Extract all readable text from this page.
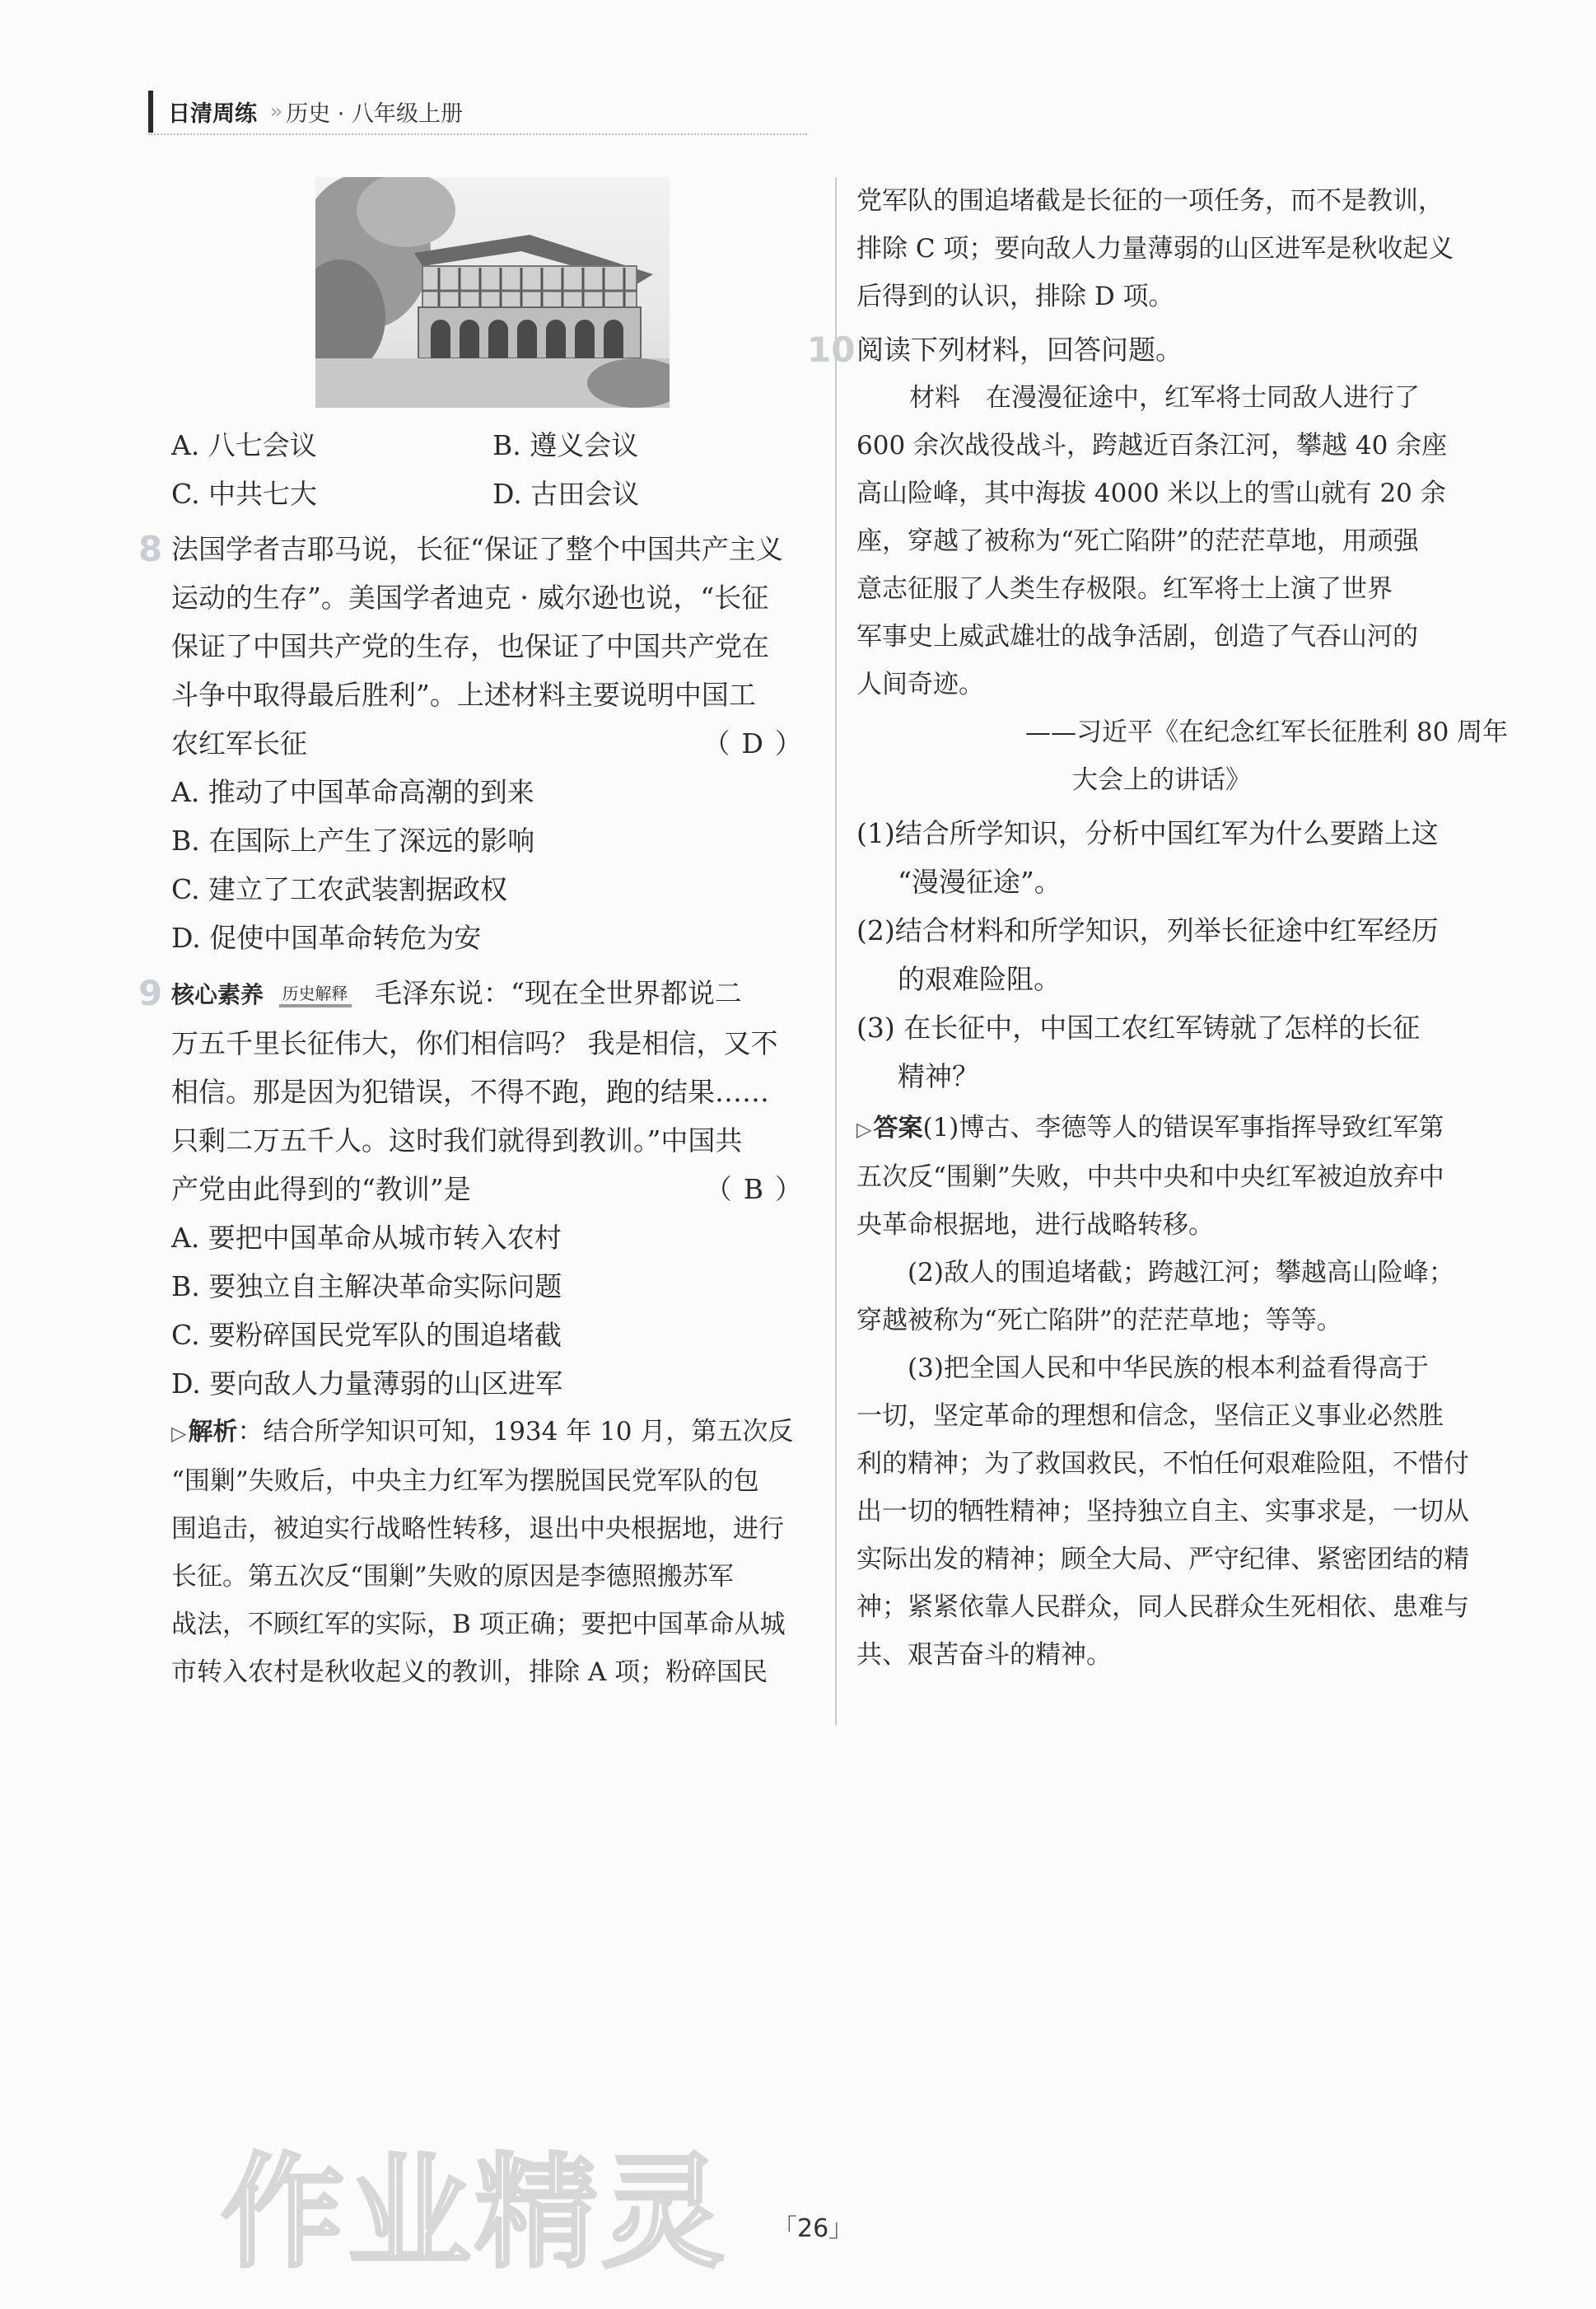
日清周练 ›› 历史 · 八年级上册
A. 八七会议	B. 遵义会议
C. 中共七大	D. 古田会议
8 法国学者吉耶马说，长征“保证了整个中国共产主义
运动的生存”。美国学者迪克 · 威尔逊也说，“长征
保证了中国共产党的生存，也保证了中国共产党在
斗争中取得最后胜利”。上述材料主要说明中国工
农红军长征	（D）
A. 推动了中国革命高潮的到来
B. 在国际上产生了深远的影响
C. 建立了工农武装割据政权
D. 促使中国革命转危为安
9 核心素养 历史解释 毛泽东说：“现在全世界都说二
万五千里长征伟大，你们相信吗？ 我是相信，又不
相信。那是因为犯错误，不得不跑，跑的结果……
只剩二万五千人。这时我们就得到教训。”中国共
产党由此得到的“教训”是	（B）
A. 要把中国革命从城市转入农村
B. 要独立自主解决革命实际问题
C. 要粉碎国民党军队的围追堵截
D. 要向敌人力量薄弱的山区进军
▷解析：结合所学知识可知，1934 年 10 月，第五次反
“围剿”失败后，中央主力红军为摆脱国民党军队的包
围追击，被迫实行战略性转移，退出中央根据地，进行
长征。第五次反“围剿”失败的原因是李德照搬苏军
战法，不顾红军的实际，B 项正确；要把中国革命从城
市转入农村是秋收起义的教训，排除 A 项；粉碎国民
党军队的围追堵截是长征的一项任务，而不是教训，
排除 C 项；要向敌人力量薄弱的山区进军是秋收起义
后得到的认识，排除 D 项。
10 阅读下列材料，回答问题。
材料　在漫漫征途中，红军将士同敌人进行了
600 余次战役战斗，跨越近百条江河，攀越 40 余座
高山险峰，其中海拔 4000 米以上的雪山就有 20 余
座，穿越了被称为“死亡陷阱”的茫茫草地，用顽强
意志征服了人类生存极限。红军将士上演了世界
军事史上威武雄壮的战争活剧，创造了气吞山河的
人间奇迹。
——习近平《在纪念红军长征胜利 80 周年
大会上的讲话》
(1)结合所学知识，分析中国红军为什么要踏上这
“漫漫征途”。
(2)结合材料和所学知识，列举长征途中红军经历
的艰难险阻。
(3) 在长征中，中国工农红军铸就了怎样的长征
精神？
▷答案(1)博古、李德等人的错误军事指挥导致红军第
五次反“围剿”失败，中共中央和中央红军被迫放弃中
央革命根据地，进行战略转移。
(2)敌人的围追堵截；跨越江河；攀越高山险峰；
穿越被称为“死亡陷阱”的茫茫草地；等等。
(3)把全国人民和中华民族的根本利益看得高于
一切，坚定革命的理想和信念，坚信正义事业必然胜
利的精神；为了救国救民，不怕任何艰难险阻，不惜付
出一切的牺牲精神；坚持独立自主、实事求是，一切从
实际出发的精神；顾全大局、严守纪律、紧密团结的精
神；紧紧依靠人民群众，同人民群众生死相依、患难与
共、艰苦奋斗的精神。
作业精灵 「26」
